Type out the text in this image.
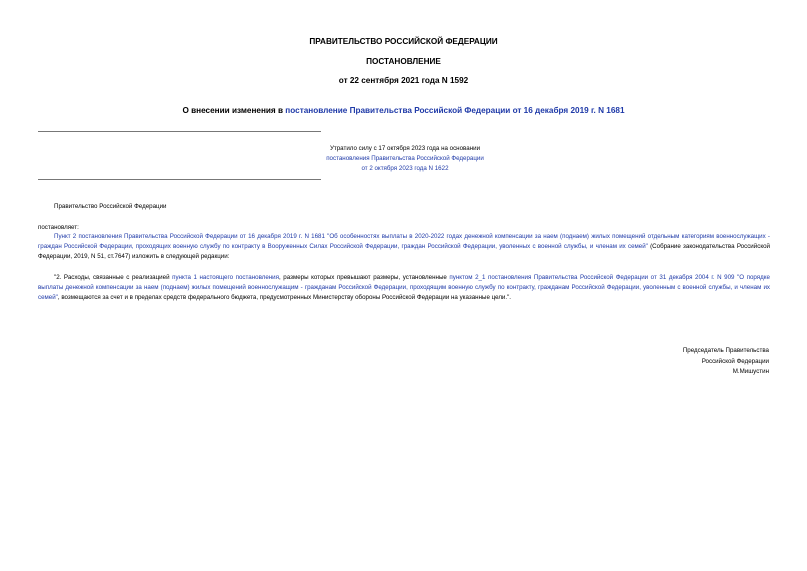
ПРАВИТЕЛЬСТВО РОССИЙСКОЙ ФЕДЕРАЦИИ
ПОСТАНОВЛЕНИЕ
от 22 сентября 2021 года N 1592
О внесении изменения в постановление Правительства Российской Федерации от 16 декабря 2019 г. N 1681
Утратило силу с 17 октября 2023 года на основании
постановления Правительства Российской Федерации
от 2 октября 2023 года N 1622
Правительство Российской Федерации
постановляет:
Пункт 2 постановления Правительства Российской Федерации от 16 декабря 2019 г. N 1681 "Об особенностях выплаты в 2020-2022 годах денежной компенсации за наем (поднаем) жилых помещений отдельным категориям военнослужащих - граждан Российской Федерации, проходящих военную службу по контракту в Вооруженных Силах Российской Федерации, граждан Российской Федерации, уволенных с военной службы, и членам их семей" (Собрание законодательства Российской Федерации, 2019, N 51, ст.7647) изложить в следующей редакции:
"2. Расходы, связанные с реализацией пункта 1 настоящего постановления, размеры которых превышают размеры, установленные пунктом 2_1 постановления Правительства Российской Федерации от 31 декабря 2004 г. N 909 "О порядке выплаты денежной компенсации за наем (поднаем) жилых помещений военнослужащим - гражданам Российской Федерации, проходящим военную службу по контракту, гражданам Российской Федерации, уволенным с военной службы, и членам их семей", возмещаются за счет и в пределах средств федерального бюджета, предусмотренных Министерству обороны Российской Федерации на указанные цели.".
Председатель Правительства
Российской Федерации
М.Мишустин
